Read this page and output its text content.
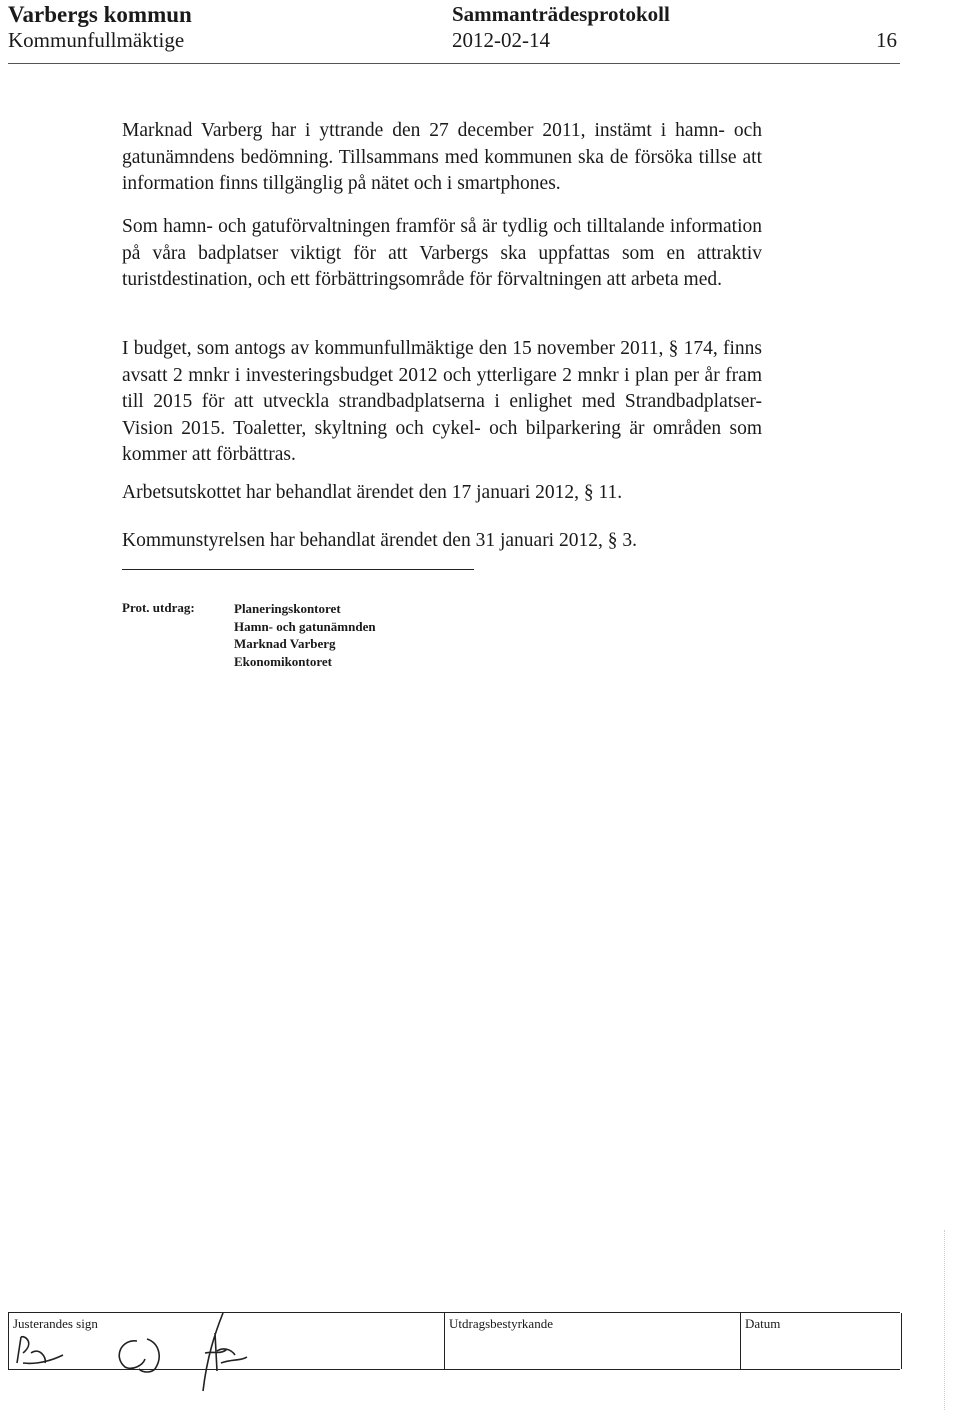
Varbergs kommun
Kommunfullmäktige
Sammanträdesprotokoll
2012-02-14	16

Marknad Varberg har i yttrande den 27 december 2011, instämt i hamn- och gatunämndens bedömning. Tillsammans med kommunen ska de försöka tillse att information finns tillgänglig på nätet och i smartphones.

Som hamn- och gatuförvaltningen framför så är tydlig och tilltalande information på våra badplatser viktigt för att Varbergs ska uppfattas som en attraktiv turistdestination, och ett förbättringsområde för förvaltningen att arbeta med.

I budget, som antogs av kommunfullmäktige den 15 november 2011, § 174, finns avsatt 2 mnkr i investeringsbudget 2012 och ytterligare 2 mnkr i plan per år fram till 2015 för att utveckla strandbadplatserna i enlighet med Strandbadplatser-Vision 2015. Toaletter, skyltning och cykel- och bilparkering är områden som kommer att förbättras.

Arbetsutskottet har behandlat ärendet den 17 januari 2012, § 11.

Kommunstyrelsen har behandlat ärendet den 31 januari 2012, § 3.

Prot. utdrag:	Planeringskontoret
Hamn- och gatunämnden
Marknad Varberg
Ekonomikontoret
Justerandes sign	Utdragsbestyrkande	Datum
